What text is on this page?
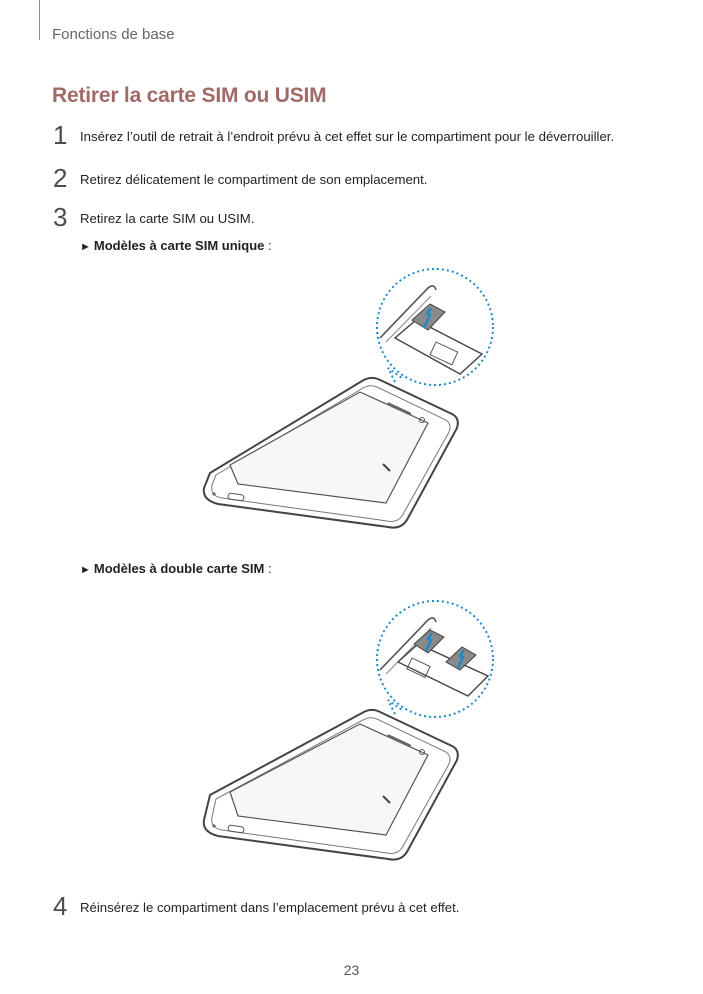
Fonctions de base
Retirer la carte SIM ou USIM
1 Insérez l’outil de retrait à l’endroit prévu à cet effet sur le compartiment pour le déverrouiller.
2 Retirez délicatement le compartiment de son emplacement.
3 Retirez la carte SIM ou USIM.
► Modèles à carte SIM unique :
► Modèles à double carte SIM :
4 Réinsérez le compartiment dans l’emplacement prévu à cet effet.
23
